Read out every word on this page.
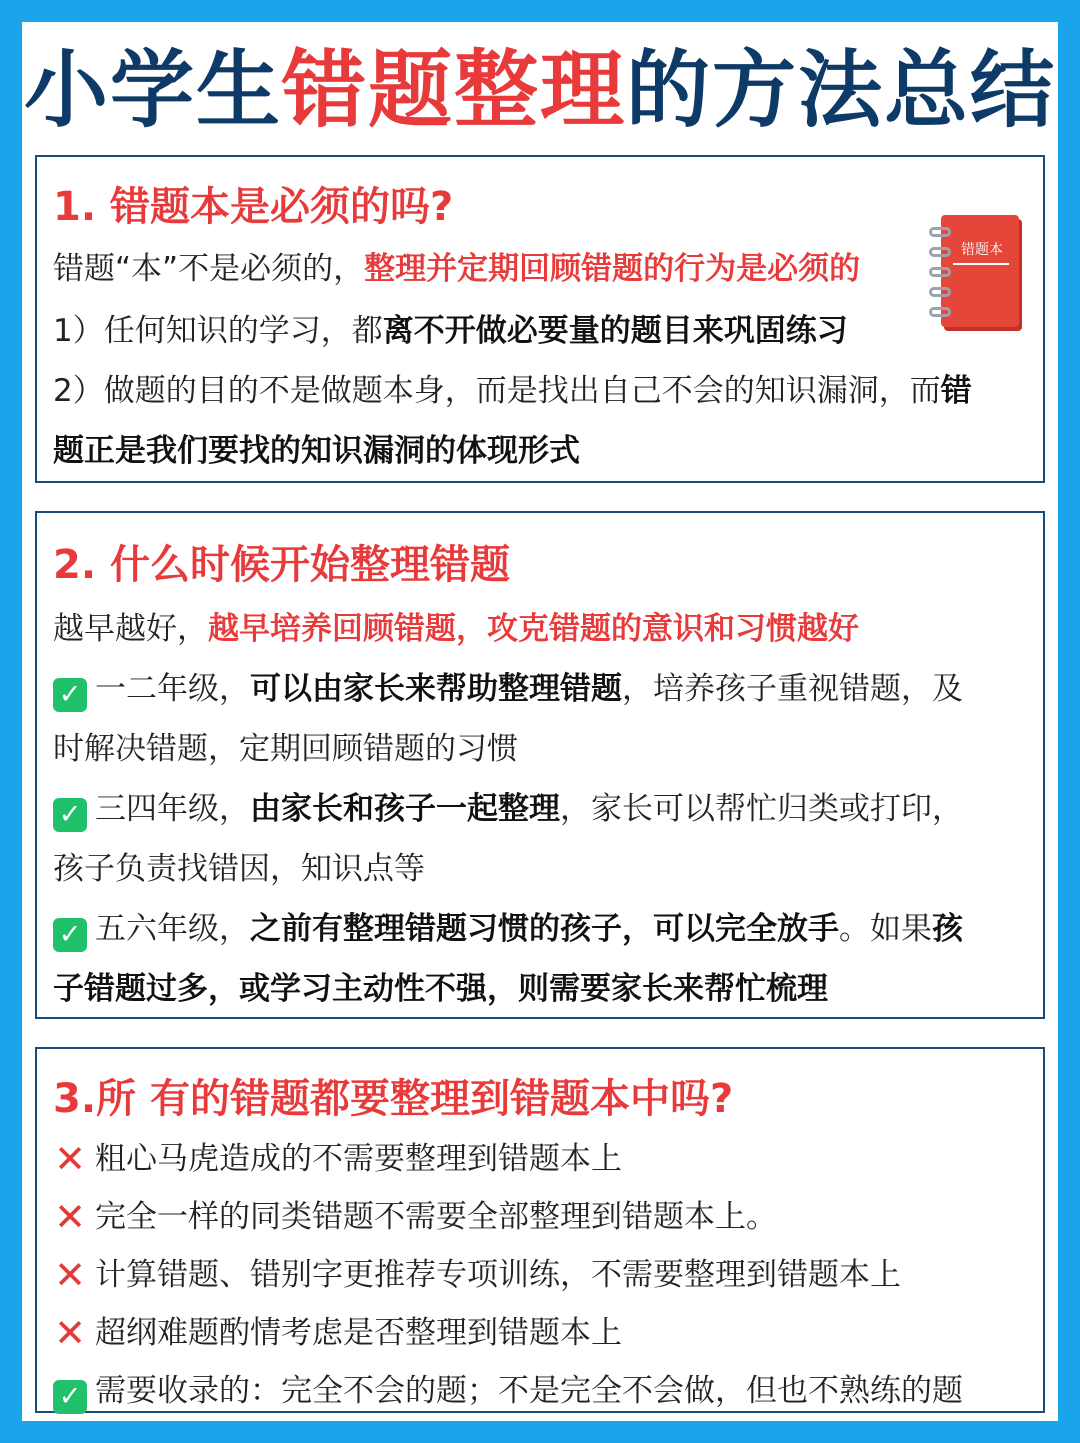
小学生错题整理的方法总结
1. 错题本是必须的吗?
错题本
错题“本”不是必须的，整理并定期回顾错题的行为是必须的
1）任何知识的学习，都离不开做必要量的题目来巩固练习
2）做题的目的不是做题本身，而是找出自己不会的知识漏洞，而错
题正是我们要找的知识漏洞的体现形式
2. 什么时候开始整理错题
越早越好，越早培养回顾错题，攻克错题的意识和习惯越好
✓ 一二年级，可以由家长来帮助整理错题，培养孩子重视错题，及
时解决错题，定期回顾错题的习惯
✓ 三四年级，由家长和孩子一起整理，家长可以帮忙归类或打印，
孩子负责找错因，知识点等
✓ 五六年级，之前有整理错题习惯的孩子，可以完全放手。如果孩
子错题过多，或学习主动性不强，则需要家长来帮忙梳理
3.所 有的错题都要整理到错题本中吗?
✕ 粗心马虎造成的不需要整理到错题本上
✕ 完全一样的同类错题不需要全部整理到错题本上。
✕ 计算错题、错别字更推荐专项训练，不需要整理到错题本上
✕ 超纲难题酌情考虑是否整理到错题本上
✓ 需要收录的：完全不会的题；不是完全不会做，但也不熟练的题
